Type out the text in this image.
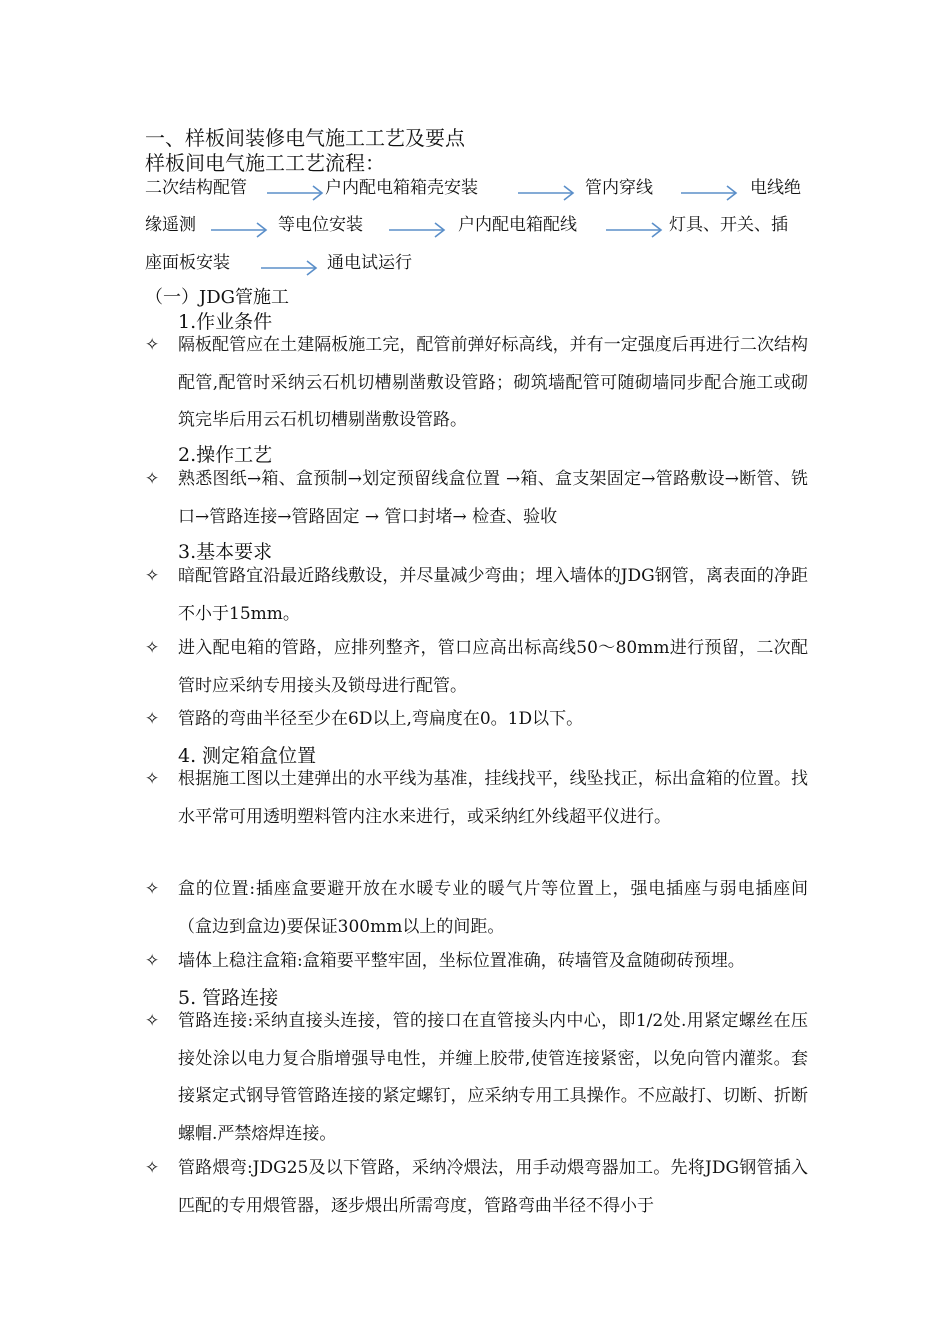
一、样板间装修电气施工工艺及要点
样板间电气施工工艺流程：
二次结构配管	户内配电箱箱壳安装	管内穿线	电线绝
缘遥测	等电位安装	户内配电箱配线	灯具、开关、插
座面板安装	通电试运行
（一）JDG管施工
1.作业条件
✧ 隔板配管应在土建隔板施工完，配管前弹好标高线，并有一定强度后再进行二次结构配管,配管时采纳云石机切槽剔凿敷设管路；砌筑墙配管可随砌墙同步配合施工或砌筑完毕后用云石机切槽剔凿敷设管路。
2.操作工艺
✧ 熟悉图纸→箱、盒预制→划定预留线盒位置 →箱、盒支架固定→管路敷设→断管、铣口→管路连接→管路固定 → 管口封堵→ 检查、验收
3.基本要求
✧ 暗配管路宜沿最近路线敷设，并尽量减少弯曲；埋入墙体的JDG钢管，离表面的净距不小于15mm。
✧ 进入配电箱的管路，应排列整齐，管口应高出标高线50～80mm进行预留，二次配管时应采纳专用接头及锁母进行配管。
✧ 管路的弯曲半径至少在6D以上,弯扁度在0。1D以下。
4. 测定箱盒位置
✧ 根据施工图以土建弹出的水平线为基准，挂线找平，线坠找正，标出盒箱的位置。找水平常可用透明塑料管内注水来进行，或采纳红外线超平仪进行。
✧ 盒的位置:插座盒要避开放在水暖专业的暖气片等位置上，强电插座与弱电插座间（盒边到盒边)要保证300mm以上的间距。
✧ 墙体上稳注盒箱:盒箱要平整牢固，坐标位置准确，砖墙管及盒随砌砖预埋。
5. 管路连接
✧ 管路连接:采纳直接头连接，管的接口在直管接头内中心，即1/2处.用紧定螺丝在压接处涂以电力复合脂增强导电性，并缠上胶带,使管连接紧密，以免向管内灌浆。套接紧定式钢导管管路连接的紧定螺钉，应采纳专用工具操作。不应敲打、切断、折断螺帽.严禁熔焊连接。
✧ 管路煨弯:JDG25及以下管路，采纳冷煨法，用手动煨弯器加工。先将JDG钢管插入匹配的专用煨管器，逐步煨出所需弯度，管路弯曲半径不得小于
